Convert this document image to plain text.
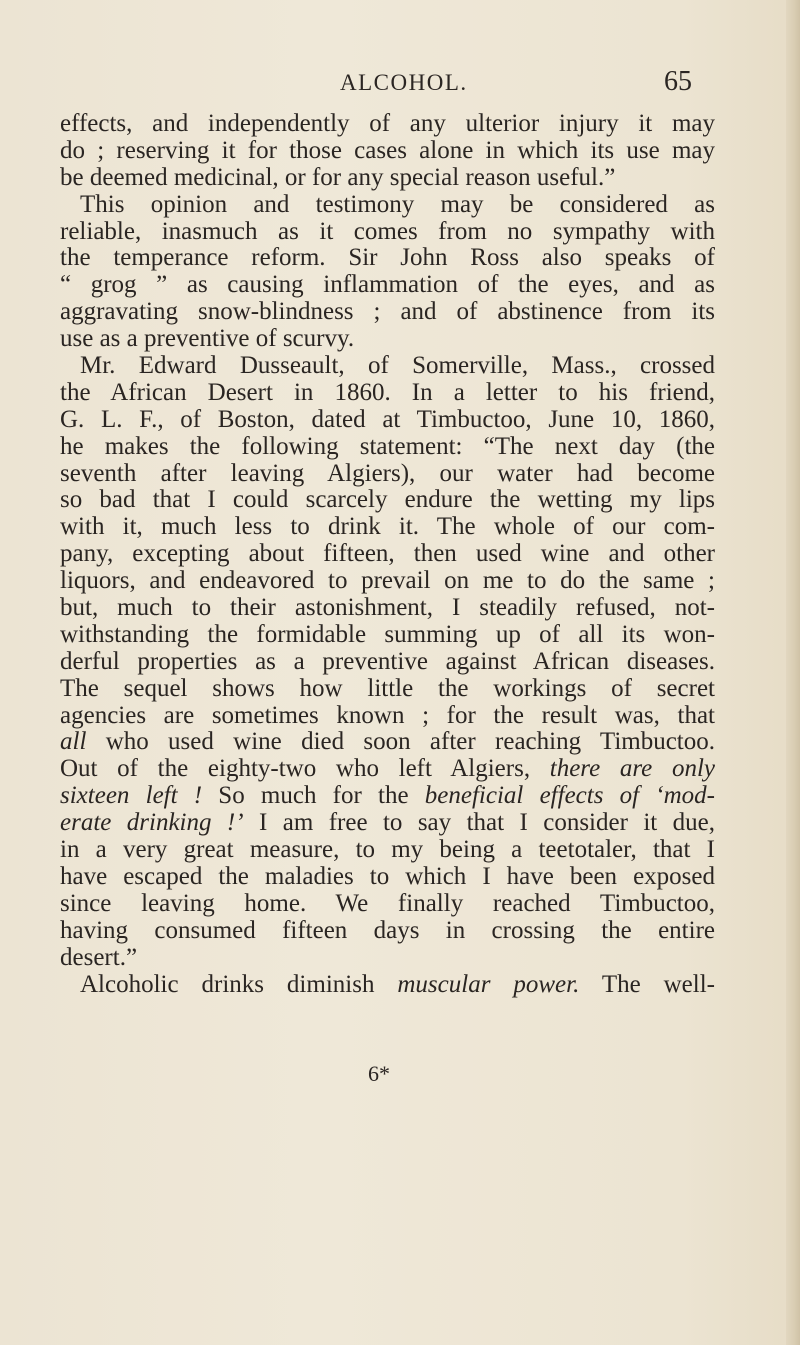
ALCOHOL.	65
effects, and independently of any ulterior injury it may
do ; reserving it for those cases alone in which its use may
be deemed medicinal, or for any special reason useful.”
This opinion and testimony may be considered as
reliable, inasmuch as it comes from no sympathy with
the temperance reform. Sir John Ross also speaks of
“ grog ” as causing inflammation of the eyes, and as
aggravating snow-blindness ; and of abstinence from its
use as a preventive of scurvy.
Mr. Edward Dusseault, of Somerville, Mass., crossed
the African Desert in 1860. In a letter to his friend,
G. L. F., of Boston, dated at Timbuctoo, June 10, 1860,
he makes the following statement: “The next day (the
seventh after leaving Algiers), our water had become
so bad that I could scarcely endure the wetting my lips
with it, much less to drink it. The whole of our com-
pany, excepting about fifteen, then used wine and other
liquors, and endeavored to prevail on me to do the same ;
but, much to their astonishment, I steadily refused, not-
withstanding the formidable summing up of all its won-
derful properties as a preventive against African diseases.
The sequel shows how little the workings of secret
agencies are sometimes known ; for the result was, that
all who used wine died soon after reaching Timbuctoo.
Out of the eighty-two who left Algiers, there are only
sixteen left ! So much for the beneficial effects of ‘mod-
erate drinking !’ I am free to say that I consider it due,
in a very great measure, to my being a teetotaler, that I
have escaped the maladies to which I have been exposed
since leaving home. We finally reached Timbuctoo,
having consumed fifteen days in crossing the entire
desert.”
Alcoholic drinks diminish muscular power. The well-
6*
